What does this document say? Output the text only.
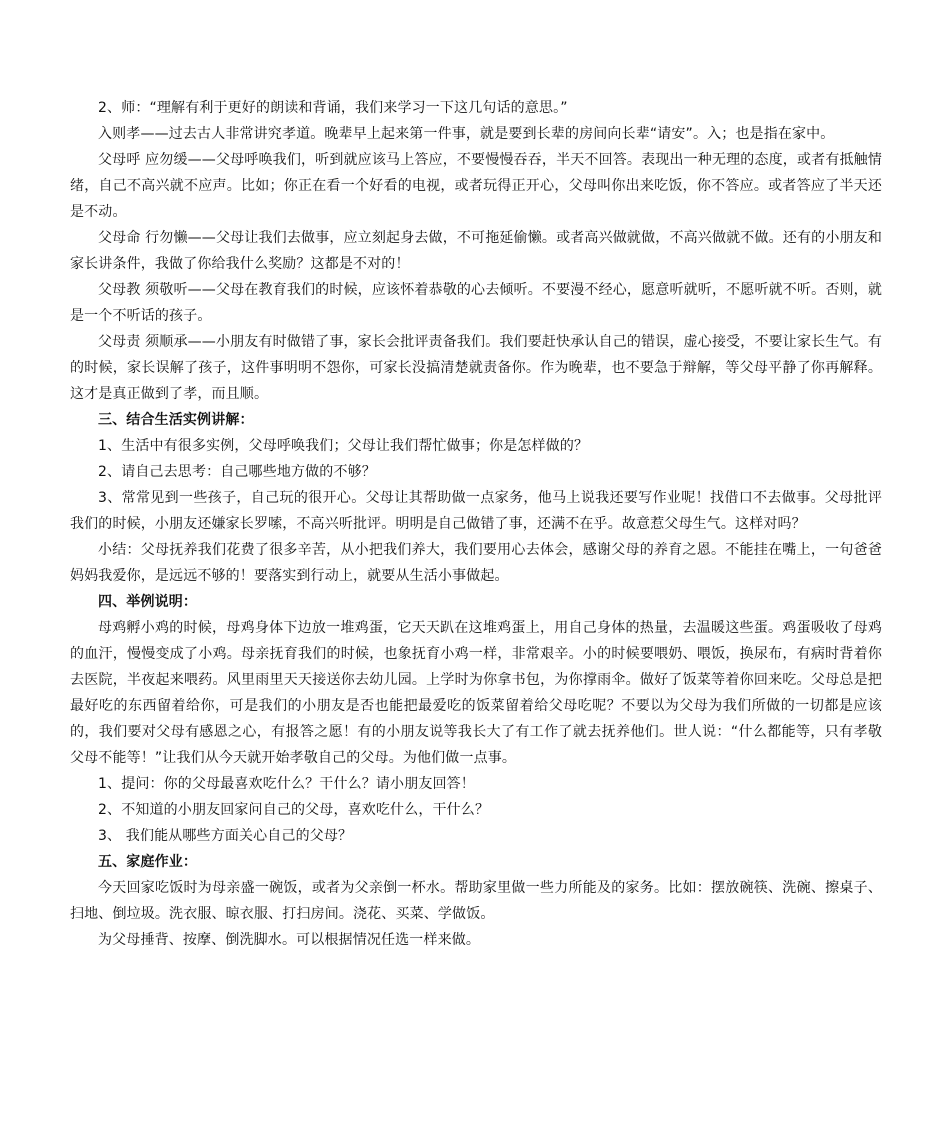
2、师：“理解有利于更好的朗读和背诵，我们来学习一下这几句话的意思。”

入则孝——过去古人非常讲究孝道。晚辈早上起来第一件事，就是要到长辈的房间向长辈“请安”。入；也是指在家中。

父母呼 应勿缓——父母呼唤我们，听到就应该马上答应，不要慢慢吞吞，半天不回答。表现出一种无理的态度，或者有抵触情绪，自己不高兴就不应声。比如；你正在看一个好看的电视，或者玩得正开心，父母叫你出来吃饭，你不答应。或者答应了半天还是不动。

父母命 行勿懒——父母让我们去做事，应立刻起身去做，不可拖延偷懒。或者高兴做就做，不高兴做就不做。还有的小朋友和家长讲条件，我做了你给我什么奖励？这都是不对的！

父母教 须敬听——父母在教育我们的时候，应该怀着恭敬的心去倾听。不要漫不经心，愿意听就听，不愿听就不听。否则，就是一个不听话的孩子。

父母责 须顺承——小朋友有时做错了事，家长会批评责备我们。我们要赶快承认自己的错误，虚心接受，不要让家长生气。有的时候，家长误解了孩子，这件事明明不怨你，可家长没搞清楚就责备你。作为晚辈，也不要急于辩解，等父母平静了你再解释。这才是真正做到了孝，而且顺。

三、结合生活实例讲解：

1、生活中有很多实例，父母呼唤我们；父母让我们帮忙做事；你是怎样做的？

2、请自己去思考：自己哪些地方做的不够？

3、常常见到一些孩子，自己玩的很开心。父母让其帮助做一点家务，他马上说我还要写作业呢！找借口不去做事。父母批评我们的时候，小朋友还嫌家长罗嗦，不高兴听批评。明明是自己做错了事，还满不在乎。故意惹父母生气。这样对吗？

小结：父母抚养我们花费了很多辛苦，从小把我们养大，我们要用心去体会，感谢父母的养育之恩。不能挂在嘴上，一句爸爸妈妈我爱你，是远远不够的！要落实到行动上，就要从生活小事做起。

四、举例说明：

母鸡孵小鸡的时候，母鸡身体下边放一堆鸡蛋，它天天趴在这堆鸡蛋上，用自己身体的热量，去温暖这些蛋。鸡蛋吸收了母鸡的血汗，慢慢变成了小鸡。母亲抚育我们的时候，也象抚育小鸡一样，非常艰辛。小的时候要喂奶、喂饭，换尿布，有病时背着你去医院，半夜起来喂药。风里雨里天天接送你去幼儿园。上学时为你拿书包，为你撑雨伞。做好了饭菜等着你回来吃。父母总是把最好吃的东西留着给你，可是我们的小朋友是否也能把最爱吃的饭菜留着给父母吃呢？不要以为父母为我们所做的一切都是应该的，我们要对父母有感恩之心，有报答之愿！有的小朋友说等我长大了有工作了就去抚养他们。世人说：“什么都能等，只有孝敬父母不能等！”让我们从今天就开始孝敬自己的父母。为他们做一点事。

1、提问：你的父母最喜欢吃什么？干什么？请小朋友回答！

2、不知道的小朋友回家问自己的父母，喜欢吃什么，干什么？

3、 我们能从哪些方面关心自己的父母？

五、家庭作业：

今天回家吃饭时为母亲盛一碗饭，或者为父亲倒一杯水。帮助家里做一些力所能及的家务。比如：摆放碗筷、洗碗、擦桌子、扫地、倒垃圾。洗衣服、晾衣服、打扫房间。浇花、买菜、学做饭。

为父母捶背、按摩、倒洗脚水。可以根据情况任选一样来做。
